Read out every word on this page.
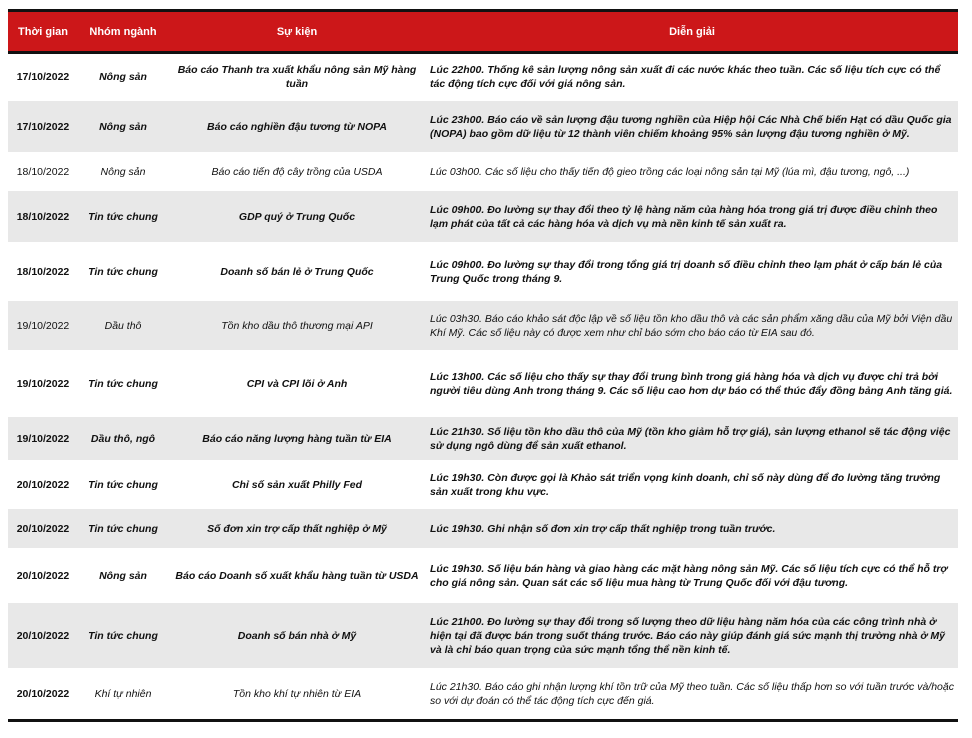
Thời gian	Nhóm ngành	Sự kiện	Diễn giải
17/10/2022	Nông sản	Báo cáo Thanh tra xuất khẩu nông sản Mỹ hàng tuần	Lúc 22h00. Thống kê sản lượng nông sản xuất đi các nước khác theo tuần. Các số liệu tích cực có thể tác động tích cực đối với giá nông sản.
17/10/2022	Nông sản	Báo cáo nghiền đậu tương từ NOPA	Lúc 23h00. Báo cáo về sản lượng đậu tương nghiền của Hiệp hội Các Nhà Chế biến Hạt có dầu Quốc gia (NOPA) bao gồm dữ liệu từ 12 thành viên chiếm khoảng 95% sản lượng đậu tương nghiền ở Mỹ.
18/10/2022	Nông sản	Báo cáo tiến độ cây trồng của USDA	Lúc 03h00. Các số liệu cho thấy tiến độ gieo trồng các loại nông sản tại Mỹ (lúa mì, đậu tương, ngô, ...)
18/10/2022	Tin tức chung	GDP quý ở Trung Quốc	Lúc 09h00. Đo lường sự thay đổi theo tỷ lệ hàng năm của hàng hóa trong giá trị được điều chỉnh theo lạm phát của tất cả các hàng hóa và dịch vụ mà nền kinh tế sản xuất ra.
18/10/2022	Tin tức chung	Doanh số bán lẻ ở Trung Quốc	Lúc 09h00. Đo lường sự thay đổi trong tổng giá trị doanh số điều chỉnh theo lạm phát ở cấp bán lẻ của Trung Quốc trong tháng 9.
19/10/2022	Dầu thô	Tồn kho dầu thô thương mại API	Lúc 03h30. Báo cáo khảo sát độc lập về số liệu tồn kho dầu thô và các sản phẩm xăng dầu của Mỹ bởi Viện dầu Khí Mỹ. Các số liệu này có được xem như chỉ báo sớm cho báo cáo từ EIA sau đó.
19/10/2022	Tin tức chung	CPI và CPI lõi ở Anh	Lúc 13h00. Các số liệu cho thấy sự thay đổi trung bình trong giá hàng hóa và dịch vụ được chi trả bởi người tiêu dùng Anh trong tháng 9. Các số liệu cao hơn dự báo có thể thúc đẩy đồng bảng Anh tăng giá.
19/10/2022	Dầu thô, ngô	Báo cáo năng lượng hàng tuần từ EIA	Lúc 21h30. Số liệu tồn kho dầu thô của Mỹ (tồn kho giảm hỗ trợ giá), sản lượng ethanol sẽ tác động việc sử dụng ngô dùng để sản xuất ethanol.
20/10/2022	Tin tức chung	Chỉ số sản xuất Philly Fed	Lúc 19h30. Còn được gọi là Khảo sát triển vọng kinh doanh, chỉ số này dùng để đo lường tăng trưởng sản xuất trong khu vực.
20/10/2022	Tin tức chung	Số đơn xin trợ cấp thất nghiệp ở Mỹ	Lúc 19h30. Ghi nhận số đơn xin trợ cấp thất nghiệp trong tuần trước.
20/10/2022	Nông sản	Báo cáo Doanh số xuất khẩu hàng tuần từ USDA	Lúc 19h30. Số liệu bán hàng và giao hàng các mặt hàng nông sản Mỹ. Các số liệu tích cực có thể hỗ trợ cho giá nông sản. Quan sát các số liệu mua hàng từ Trung Quốc đối với đậu tương.
20/10/2022	Tin tức chung	Doanh số bán nhà ở Mỹ	Lúc 21h00. Đo lường sự thay đổi trong số lượng theo dữ liệu hàng năm hóa của các công trình nhà ở hiện tại đã được bán trong suốt tháng trước. Báo cáo này giúp đánh giá sức mạnh thị trường nhà ở Mỹ và là chỉ báo quan trọng của sức mạnh tổng thể nền kinh tế.
20/10/2022	Khí tự nhiên	Tồn kho khí tự nhiên từ EIA	Lúc 21h30. Báo cáo ghi nhận lượng khí tồn trữ của Mỹ theo tuần. Các số liệu thấp hơn so với tuần trước và/hoặc so với dự đoán có thể tác động tích cực đến giá.
